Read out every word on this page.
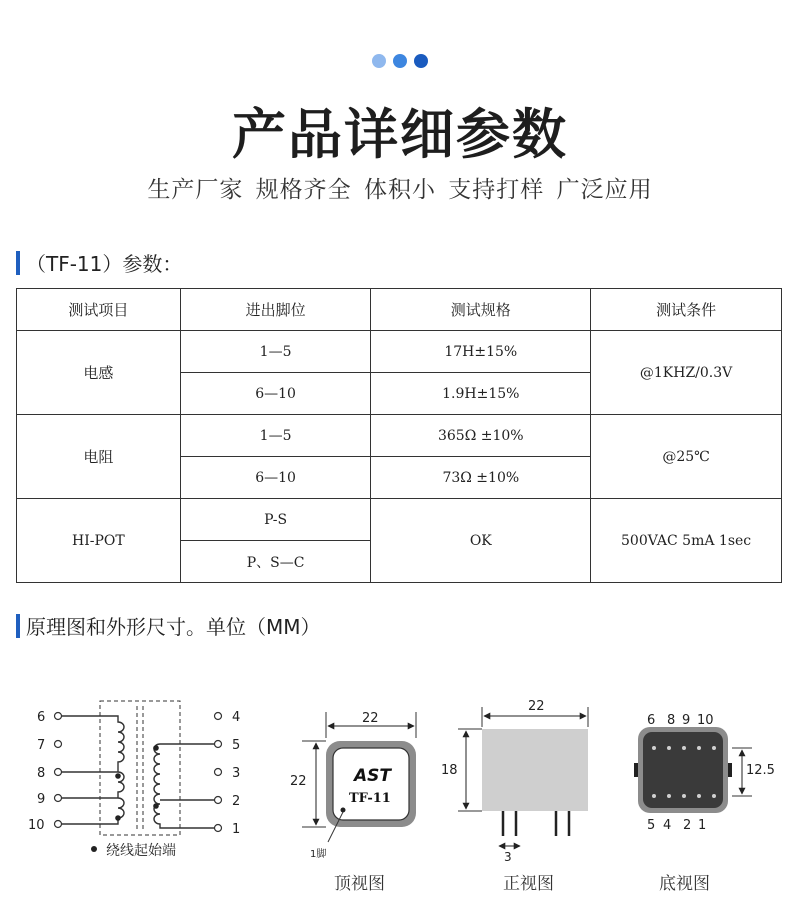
产品详细参数
生产厂家 规格齐全 体积小 支持打样 广泛应用
（TF-11）参数：
测试项目	进出脚位	测试规格	测试条件
电感	1—5	17H±15%	@1KHZ/0.3V
	6—10	1.9H±15%	
电阻	1—5	365Ω ±10%	@25℃
	6—10	73Ω ±10%	
HI-POT	P-S	OK	500VAC 5mA 1sec
	P、S—C		
原理图和外形尺寸。单位（MM）
6
7
8
9
10
4
5
3
2
1
绕线起始端
22
22	AST
TF-11
1脚
22
18
3
6 8 9 10
5 4 2 1
12.5
顶视图	正视图	底视图
